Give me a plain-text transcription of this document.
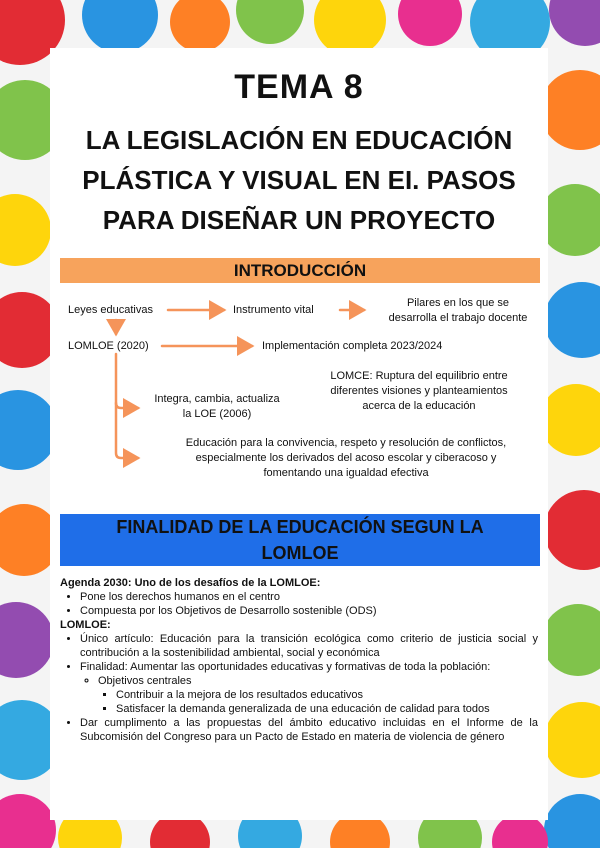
TEMA 8
LA LEGISLACIÓN EN EDUCACIÓN
PLÁSTICA Y VISUAL EN EI. PASOS
PARA DISEÑAR UN PROYECTO
INTRODUCCIÓN
Leyes educativas	Instrumento vital
Pilares en los que se
desarrolla el trabajo docente
LOMLOE (2020)	Implementación completa 2023/2024
Integra, cambia, actualiza
la LOE (2006)
LOMCE: Ruptura del equilibrio entre
diferentes visiones y planteamientos
acerca de la educación
Educación para la convivencia, respeto y resolución de conflictos,
especialmente los derivados del acoso escolar y ciberacoso y
fomentando una igualdad efectiva
FINALIDAD DE LA EDUCACIÓN SEGUN LA
LOMLOE

Agenda 2030: Uno de los desafíos de la LOMLOE:

• Pone los derechos humanos en el centro
• Compuesta por los Objetivos de Desarrollo sostenible (ODS)

LOMLOE:

• Único artículo: Educación para la transición ecológica como criterio de justicia social y contribución a la sostenibilidad ambiental, social y económica
• Finalidad: Aumentar las oportunidades educativas y formativas de toda la población:
◦ Objetivos centrales
▪ Contribuir a la mejora de los resultados educativos
▪ Satisfacer la demanda generalizada de una educación de calidad para todos
• Dar cumplimento a las propuestas del ámbito educativo incluidas en el Informe de la Subcomisión del Congreso para un Pacto de Estado en materia de violencia de género
